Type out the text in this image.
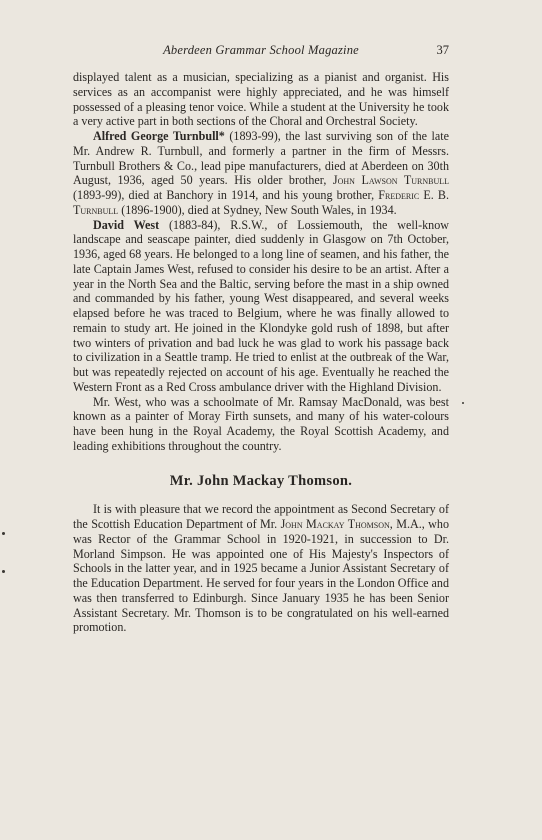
Aberdeen Grammar School Magazine	37

displayed talent as a musician, specializing as a pianist and organist. His services as an accompanist were highly appreciated, and he was himself possessed of a pleasing tenor voice. While a student at the University he took a very active part in both sections of the Choral and Orchestral Society.

Alfred George Turnbull* (1893-99), the last surviving son of the late Mr. Andrew R. Turnbull, and formerly a partner in the firm of Messrs. Turnbull Brothers & Co., lead pipe manufacturers, died at Aberdeen on 30th August, 1936, aged 50 years. His older brother, John Lawson Turnbull (1893-99), died at Banchory in 1914, and his young brother, Frederic E. B. Turnbull (1896-1900), died at Sydney, New South Wales, in 1934.

David West (1883-84), R.S.W., of Lossiemouth, the well-know landscape and seascape painter, died suddenly in Glasgow on 7th October, 1936, aged 68 years. He belonged to a long line of seamen, and his father, the late Captain James West, refused to consider his desire to be an artist. After a year in the North Sea and the Baltic, serving before the mast in a ship owned and commanded by his father, young West disappeared, and several weeks elapsed before he was traced to Belgium, where he was finally allowed to remain to study art. He joined in the Klondyke gold rush of 1898, but after two winters of privation and bad luck he was glad to work his passage back to civilization in a Seattle tramp. He tried to enlist at the outbreak of the War, but was repeatedly rejected on account of his age. Eventually he reached the Western Front as a Red Cross ambulance driver with the Highland Division.

Mr. West, who was a schoolmate of Mr. Ramsay MacDonald, was best known as a painter of Moray Firth sunsets, and many of his water-colours have been hung in the Royal Academy, the Royal Scottish Academy, and leading exhibitions throughout the country.

Mr. John Mackay Thomson.

It is with pleasure that we record the appointment as Second Secretary of the Scottish Education Department of Mr. John Mackay Thomson, M.A., who was Rector of the Grammar School in 1920-1921, in succession to Dr. Morland Simpson. He was appointed one of His Majesty's Inspectors of Schools in the latter year, and in 1925 became a Junior Assistant Secretary of the Education Department. He served for four years in the London Office and was then transferred to Edinburgh. Since January 1935 he has been Senior Assistant Secretary. Mr. Thomson is to be congratulated on his well-earned promotion.
